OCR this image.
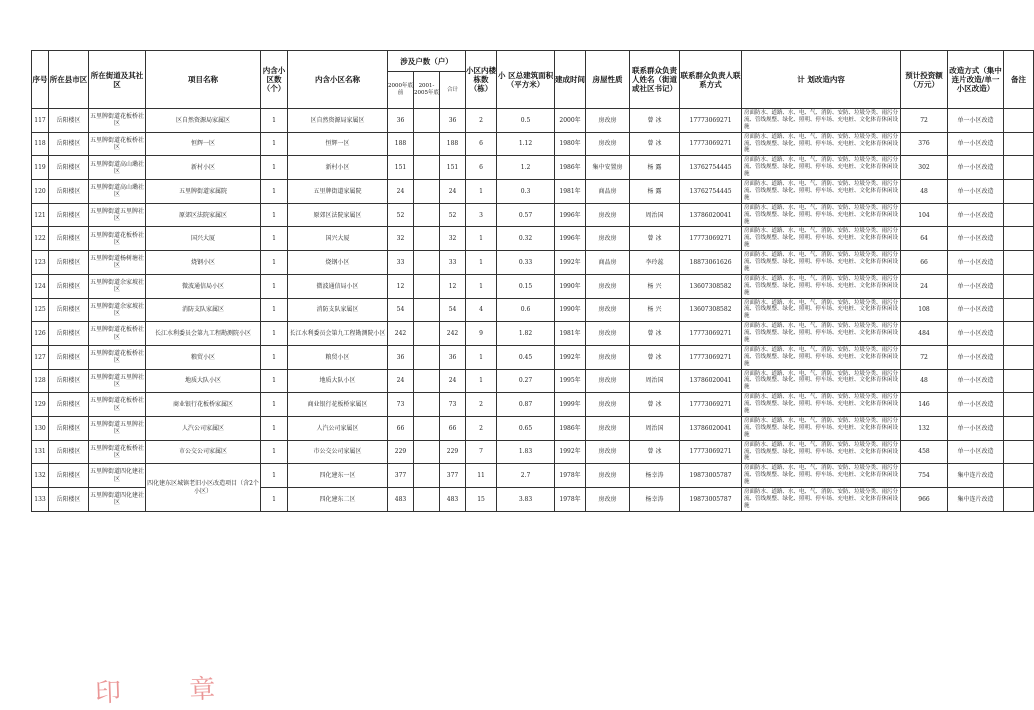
序号	所在县市区	所在街道及其社区	项目名称	内含小区数（个）	内含小区名称	涉及户数（户）			小区内楼栋数（栋）	小 区总建筑面积（平方米）	建成时间	房屋性质	联系群众负责人姓名（街道或社区书记）	联系群众负责人联系方式	计 划改造内容	预计投资额（万元）	改造方式（集中连片改造/单一小区改造）	备注
						2000年底前	2001-2005年底	合计										
117	岳阳楼区	五里牌街道花板桥社区	区自然资源局家属区	1	区自然资源局家属区	36		36	2	0.5	2000年	房改房	曾 冰	17773069271	房面防水、道路、水、电、气、消防、安防、垃圾分类、雨污分流、管线规整、绿化、照明、停车场、充电桩、文化体育休闲设施	72	单一小区改造	
118	岳阳楼区	五里牌街道花板桥社区	恒辉一区	1	恒辉一区	188		188	6	1.12	1980年	房改房	曾 冰	17773069271	房面防水、道路、水、电、气、消防、安防、垃圾分类、雨污分流、管线规整、绿化、照明、停车场、充电桩、文化体育休闲设施	376	单一小区改造	
119	岳阳楼区	五里牌街道高山墈社区	新村小区	1	新村小区	151		151	6	1.2	1986年	集中安置房	杨 露	13762754445	房面防水、道路、水、电、气、消防、安防、垃圾分类、雨污分流、管线规整、绿化、照明、停车场、充电桩、文化体育休闲设施	302	单一小区改造	
120	岳阳楼区	五里牌街道高山墈社区	五里牌街道家属院	1	五里牌街道家属院	24		24	1	0.3	1981年	商品房	杨 露	13762754445	房面防水、道路、水、电、气、消防、安防、垃圾分类、雨污分流、管线规整、绿化、照明、停车场、充电桩、文化体育休闲设施	48	单一小区改造	
121	岳阳楼区	五里牌街道五里牌社区	原郊区法院家属区	1	原郊区法院家属区	52		52	3	0.57	1996年	房改房	周治国	13786020041	房面防水、道路、水、电、气、消防、安防、垃圾分类、雨污分流、管线规整、绿化、照明、停车场、充电桩、文化体育休闲设施	104	单一小区改造	
122	岳阳楼区	五里牌街道花板桥社区	国兴大厦	1	国兴大厦	32		32	1	0.32	1996年	房改房	曾 冰	17773069271	房面防水、道路、水、电、气、消防、安防、垃圾分类、雨污分流、管线规整、绿化、照明、停车场、充电桩、文化体育休闲设施	64	单一小区改造	
123	岳阳楼区	五里牌街道杨树塘社区	烧钢小区	1	烧钢小区	33		33	1	0.33	1992年	商品房	李玲蕊	18873061626	房面防水、道路、水、电、气、消防、安防、垃圾分类、雨污分流、管线规整、绿化、照明、停车场、充电桩、文化体育休闲设施	66	单一小区改造	
124	岳阳楼区	五里牌街道余家坡社区	微波通信局小区	1	微波通信局小区	12		12	1	0.15	1990年	房改房	杨 兴	13607308582	房面防水、道路、水、电、气、消防、安防、垃圾分类、雨污分流、管线规整、绿化、照明、停车场、充电桩、文化体育休闲设施	24	单一小区改造	
125	岳阳楼区	五里牌街道余家坡社区	消防支队家属区	1	消防支队家属区	54		54	4	0.6	1990年	房改房	杨 兴	13607308582	房面防水、道路、水、电、气、消防、安防、垃圾分类、雨污分流、管线规整、绿化、照明、停车场、充电桩、文化体育休闲设施	108	单一小区改造	
126	岳阳楼区	五里牌街道花板桥社区	长江水利委员会第九工程勘测院小区	1	长江水利委员会第九工程勘测院小区	242		242	9	1.82	1981年	房改房	曾 冰	17773069271	房面防水、道路、水、电、气、消防、安防、垃圾分类、雨污分流、管线规整、绿化、照明、停车场、充电桩、文化体育休闲设施	484	单一小区改造	
127	岳阳楼区	五里牌街道花板桥社区	粮贸小区	1	粮贸小区	36		36	1	0.45	1992年	房改房	曾 冰	17773069271	房面防水、道路、水、电、气、消防、安防、垃圾分类、雨污分流、管线规整、绿化、照明、停车场、充电桩、文化体育休闲设施	72	单一小区改造	
128	岳阳楼区	五里牌街道五里牌社区	地质大队小区	1	地质大队小区	24		24	1	0.27	1995年	房改房	周治国	13786020041	房面防水、道路、水、电、气、消防、安防、垃圾分类、雨污分流、管线规整、绿化、照明、停车场、充电桩、文化体育休闲设施	48	单一小区改造	
129	岳阳楼区	五里牌街道花板桥社区	商业银行花板桥家属区	1	商业银行花板桥家属区	73		73	2	0.87	1999年	房改房	曾 冰	17773069271	房面防水、道路、水、电、气、消防、安防、垃圾分类、雨污分流、管线规整、绿化、照明、停车场、充电桩、文化体育休闲设施	146	单一小区改造	
130	岳阳楼区	五里牌街道五里牌社区	人汽公司家属区	1	人汽公司家属区	66		66	2	0.65	1986年	房改房	周治国	13786020041	房面防水、道路、水、电、气、消防、安防、垃圾分类、雨污分流、管线规整、绿化、照明、停车场、充电桩、文化体育休闲设施	132	单一小区改造	
131	岳阳楼区	五里牌街道花板桥社区	市公交公司家属区	1	市公交公司家属区	229		229	7	1.83	1992年	房改房	曾 冰	17773069271	房面防水、道路、水、电、气、消防、安防、垃圾分类、雨污分流、管线规整、绿化、照明、停车场、充电桩、文化体育休闲设施	458	单一小区改造	
132	岳阳楼区	五里牌街道四化建社区	四化建东区城镇老旧小区改造项目（含2个小区）	1	四化建东一区	377		377	11	2.7	1978年	房改房	杨幸涛	19873005787	房面防水、道路、水、电、气、消防、安防、垃圾分类、雨污分流、管线规整、绿化、照明、停车场、充电桩、文化体育休闲设施	754	集中连片改造	
133	岳阳楼区	五里牌街道四化建社区		1	四化建东二区	483		483	15	3.83	1978年	房改房	杨幸涛	19873005787	房面防水、道路、水、电、气、消防、安防、垃圾分类、雨污分流、管线规整、绿化、照明、停车场、充电桩、文化体育休闲设施	966	集中连片改造	
印 章
